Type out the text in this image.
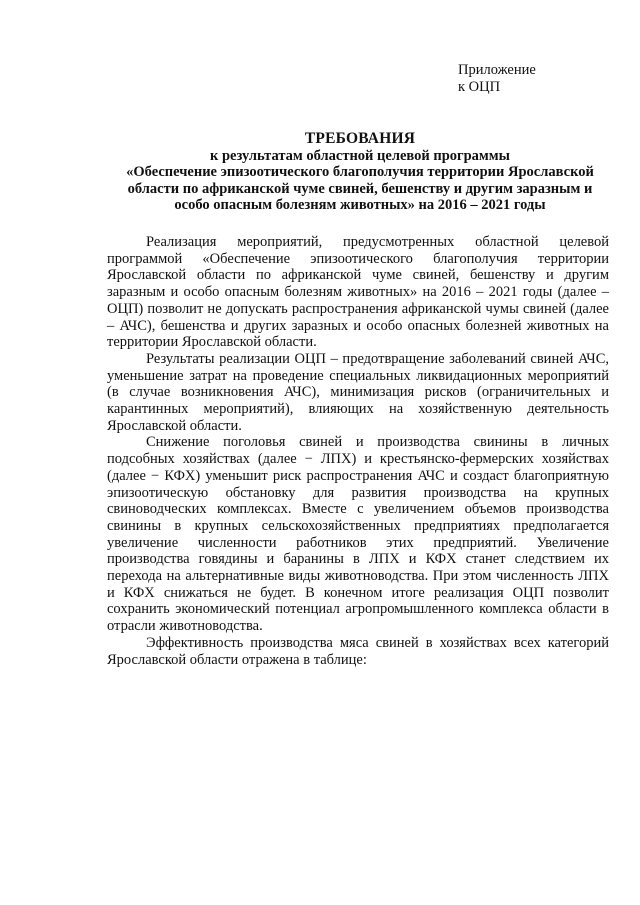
Приложение
к ОЦП
ТРЕБОВАНИЯ
к результатам областной целевой программы
«Обеспечение эпизоотического благополучия территории Ярославской области по африканской чуме свиней, бешенству и другим заразным и особо опасным болезням животных» на 2016 – 2021 годы

Реализация мероприятий, предусмотренных областной целевой программой «Обеспечение эпизоотического благополучия территории Ярославской области по африканской чуме свиней, бешенству и другим заразным и особо опасным болезням животных» на 2016 – 2021 годы (далее – ОЦП) позволит не допускать распространения африканской чумы свиней (далее – АЧС), бешенства и других заразных и особо опасных болезней животных на территории Ярославской области.

Результаты реализации ОЦП – предотвращение заболеваний свиней АЧС, уменьшение затрат на проведение специальных ликвидационных мероприятий (в случае возникновения АЧС), минимизация рисков (ограничительных и карантинных мероприятий), влияющих на хозяйственную деятельность Ярославской области.

Снижение поголовья свиней и производства свинины в личных подсобных хозяйствах (далее − ЛПХ) и крестьянско-фермерских хозяйствах (далее − КФХ) уменьшит риск распространения АЧС и создаст благоприятную эпизоотическую обстановку для развития производства на крупных свиноводческих комплексах. Вместе с увеличением объемов производства свинины в крупных сельскохозяйственных предприятиях предполагается увеличение численности работников этих предприятий. Увеличение производства говядины и баранины в ЛПХ и КФХ станет следствием их перехода на альтернативные виды животноводства. При этом численность ЛПХ и КФХ снижаться не будет. В конечном итоге реализация ОЦП позволит сохранить экономический потенциал агропромышленного комплекса области в отрасли животноводства.

Эффективность производства мяса свиней в хозяйствах всех категорий Ярославской области отражена в таблице:
